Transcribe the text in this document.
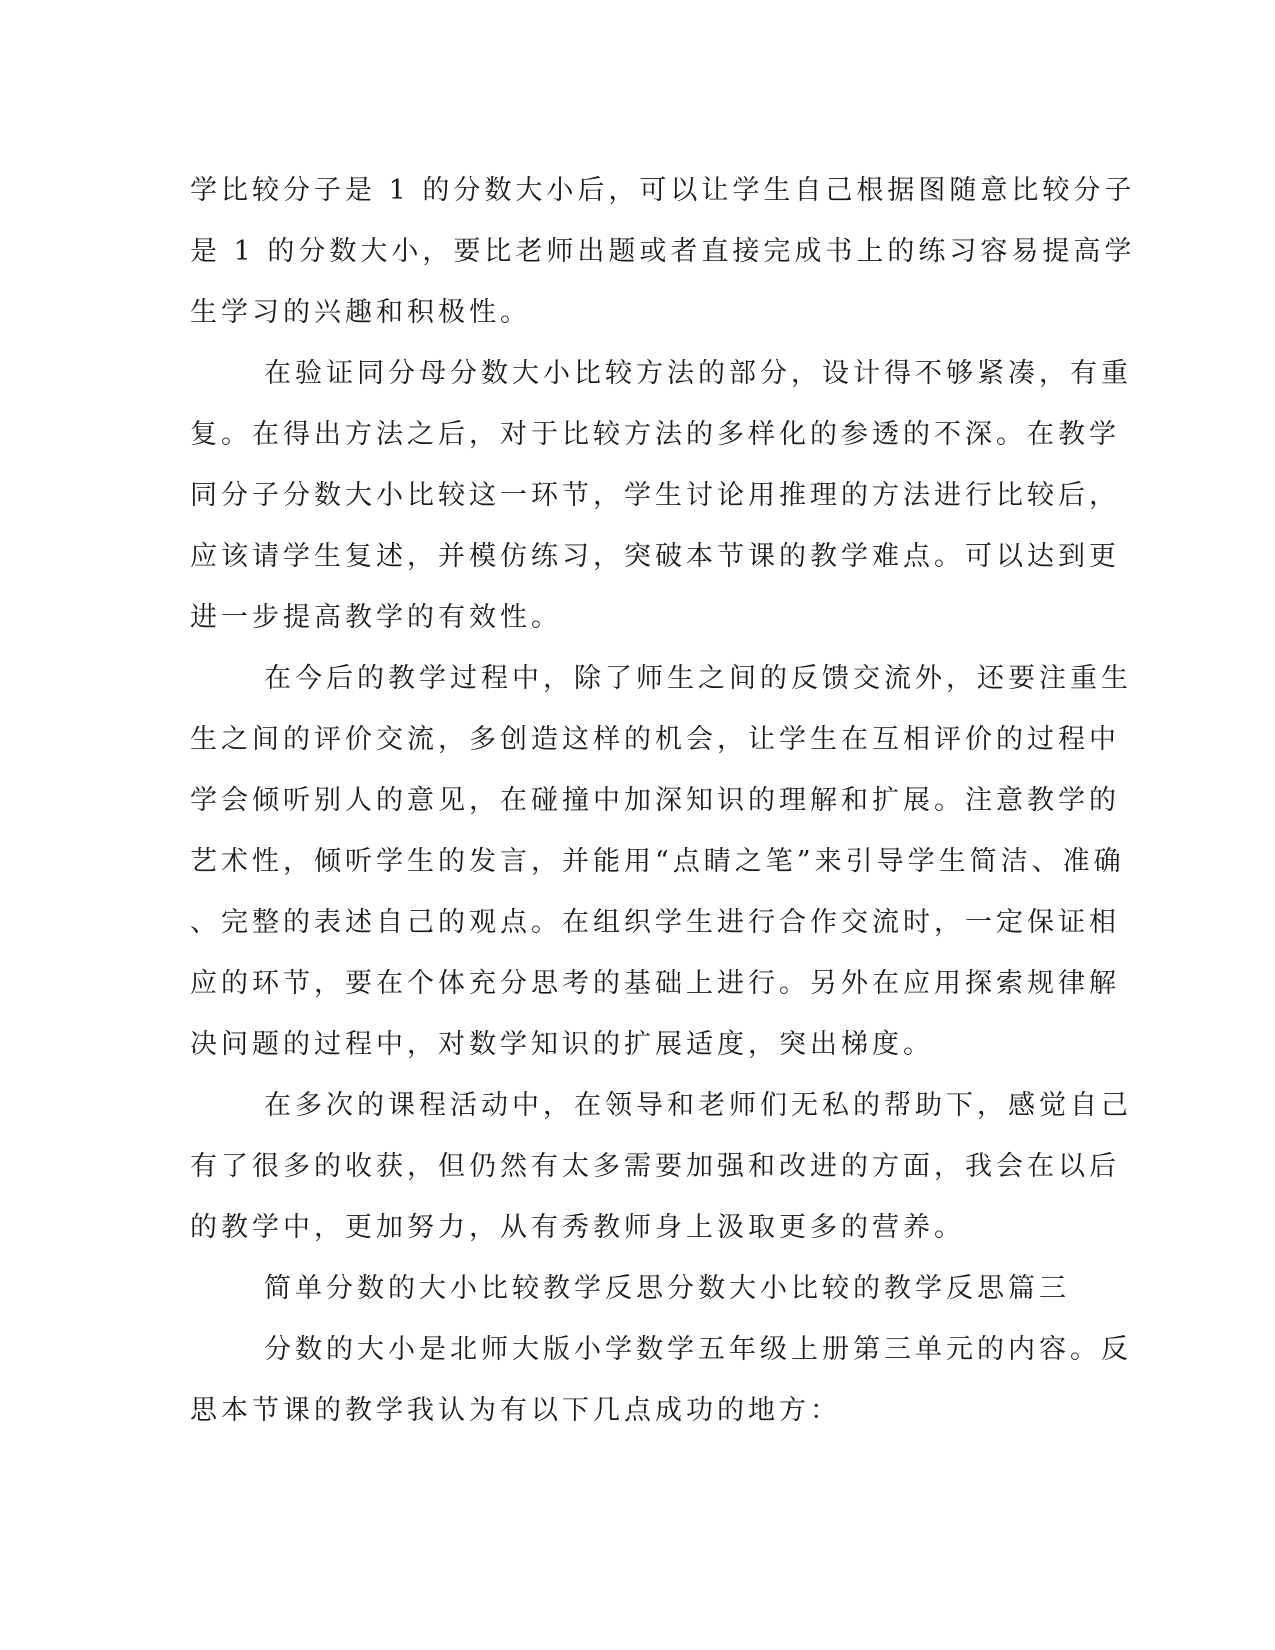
学比较分子是 1 的分数大小后，可以让学生自己根据图随意比较分子
是 1 的分数大小，要比老师出题或者直接完成书上的练习容易提高学
生学习的兴趣和积极性。
在验证同分母分数大小比较方法的部分，设计得不够紧凑，有重
复。在得出方法之后，对于比较方法的多样化的参透的不深。在教学
同分子分数大小比较这一环节，学生讨论用推理的方法进行比较后，
应该请学生复述，并模仿练习，突破本节课的教学难点。可以达到更
进一步提高教学的有效性。
在今后的教学过程中，除了师生之间的反馈交流外，还要注重生
生之间的评价交流，多创造这样的机会，让学生在互相评价的过程中
学会倾听别人的意见，在碰撞中加深知识的理解和扩展。注意教学的
艺术性，倾听学生的发言，并能用“点睛之笔”来引导学生简洁、准确
、完整的表述自己的观点。在组织学生进行合作交流时，一定保证相
应的环节，要在个体充分思考的基础上进行。另外在应用探索规律解
决问题的过程中，对数学知识的扩展适度，突出梯度。
在多次的课程活动中，在领导和老师们无私的帮助下，感觉自己
有了很多的收获，但仍然有太多需要加强和改进的方面，我会在以后
的教学中，更加努力，从有秀教师身上汲取更多的营养。
简单分数的大小比较教学反思分数大小比较的教学反思篇三
分数的大小是北师大版小学数学五年级上册第三单元的内容。反
思本节课的教学我认为有以下几点成功的地方：
